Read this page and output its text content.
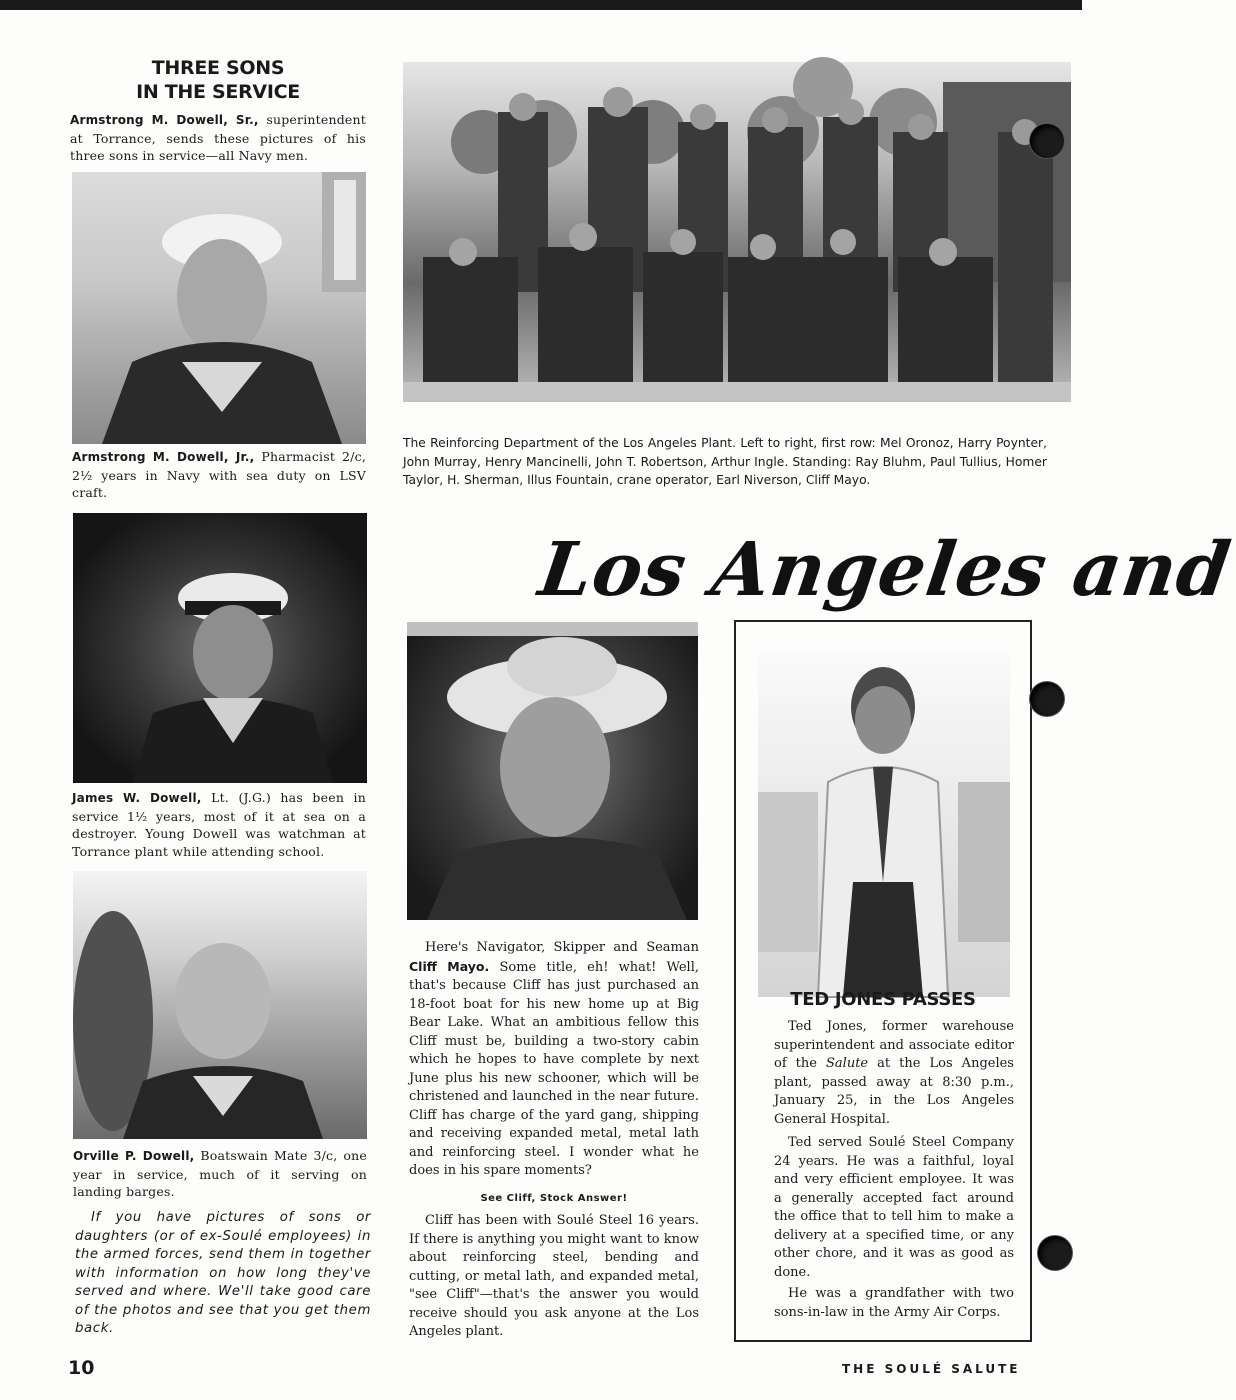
THREE SONS
IN THE SERVICE

Armstrong M. Dowell, Sr., superintendent at Torrance, sends these pictures of his three sons in service—all Navy men.

Armstrong M. Dowell, Jr., Pharmacist 2/c, 2½ years in Navy with sea duty on LSV craft.

James W. Dowell, Lt. (J.G.) has been in service 1½ years, most of it at sea on a destroyer. Young Dowell was watchman at Torrance plant while attending school.

Orville P. Dowell, Boatswain Mate 3/c, one year in service, much of it serving on landing barges.

If you have pictures of sons or daughters (or of ex-Soulé employees) in the armed forces, send them in together with information on how long they've served and where. We'll take good care of the photos and see that you get them back.

The Reinforcing Department of the Los Angeles Plant. Left to right, first row: Mel Oronoz, Harry Poynter, John Murray, Henry Mancinelli, John T. Robertson, Arthur Ingle. Standing: Ray Bluhm, Paul Tullius, Homer Taylor, H. Sherman, Illus Fountain, crane operator, Earl Niverson, Cliff Mayo.

Los Angeles and

Here's Navigator, Skipper and Seaman Cliff Mayo. Some title, eh! what! Well, that's because Cliff has just purchased an 18-foot boat for his new home up at Big Bear Lake. What an ambitious fellow this Cliff must be, building a two-story cabin which he hopes to have complete by next June plus his new schooner, which will be christened and launched in the near future. Cliff has charge of the yard gang, shipping and receiving expanded metal, metal lath and reinforcing steel. I wonder what he does in his spare moments?

See Cliff, Stock Answer!

Cliff has been with Soulé Steel 16 years. If there is anything you might want to know about reinforcing steel, bending and cutting, or metal lath, and expanded metal, "see Cliff"—that's the answer you would receive should you ask anyone at the Los Angeles plant.

TED JONES PASSES

Ted Jones, former warehouse superintendent and associate editor of the Salute at the Los Angeles plant, passed away at 8:30 p.m., January 25, in the Los Angeles General Hospital.

Ted served Soulé Steel Company 24 years. He was a faithful, loyal and very efficient employee. It was a generally accepted fact around the office that to tell him to make a delivery at a specified time, or any other chore, and it was as good as done.

He was a grandfather with two sons-in-law in the Army Air Corps.

10	THE SOULÉ SALUTE
